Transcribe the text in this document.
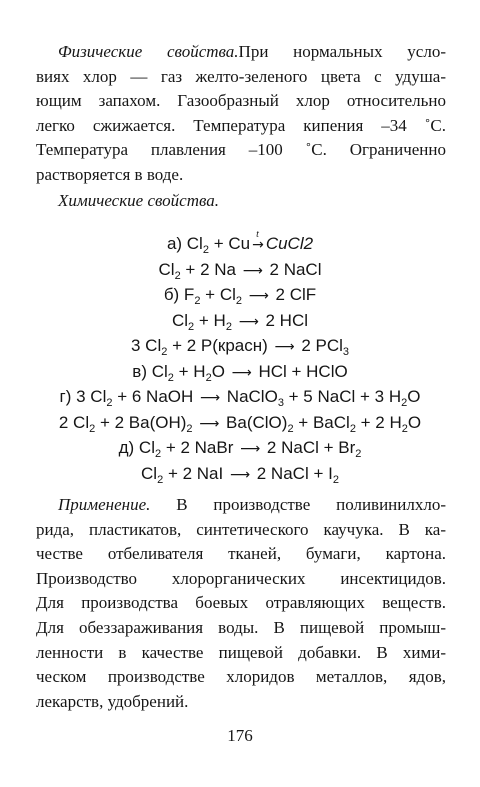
Физические свойства.При нормальных усло-
виях хлор — газ желто-зеленого цвета с удуша-
ющим запахом. Газообразный хлор относительно
легко сжижается. Температура кипения –34 ˚С.
Температура плавления –100 ˚С. Ограниченно
растворяется в воде.

Химические свойства.

а) $Cl_2 + Cu$ t
→ CuCl2
$Cl_2 + 2$ Na ⟶ 2 NaCl
б) $F_2 + Cl_2$ ⟶ 2 ClF
$Cl_2 + H_2$ ⟶ 2 HCl
3 $Cl_2 + 2$ P(красн) ⟶ 2 PCl$_3$
в) $Cl_2 + H_2O$ ⟶ HCl + HClO
г) 3 $Cl_2 + 6$ NaOH ⟶ NaClO$_3$ + 5 NaCl + 3 $H_2O$
2 $Cl_2 + 2$ $Ba(OH)_2$ ⟶ $Ba(ClO)_2$ + BaCl$_2$ + 2 $H_2O$
д) $Cl_2 + 2$ NaBr ⟶ 2 NaCl + $Br_2$
$Cl_2 + 2$ NaI ⟶ 2 NaCl + $I_2$
Применение. В производстве поливинилхло-
рида, пластикатов, синтетического каучука. В ка-
честве отбеливателя тканей, бумаги, картона.
Производство хлорорганических инсектицидов.
Для производства боевых отравляющих веществ.
Для обеззараживания воды. В пищевой промыш-
ленности в качестве пищевой добавки. В хими-
ческом производстве хлоридов металлов, ядов,
лекарств, удобрений.
176
